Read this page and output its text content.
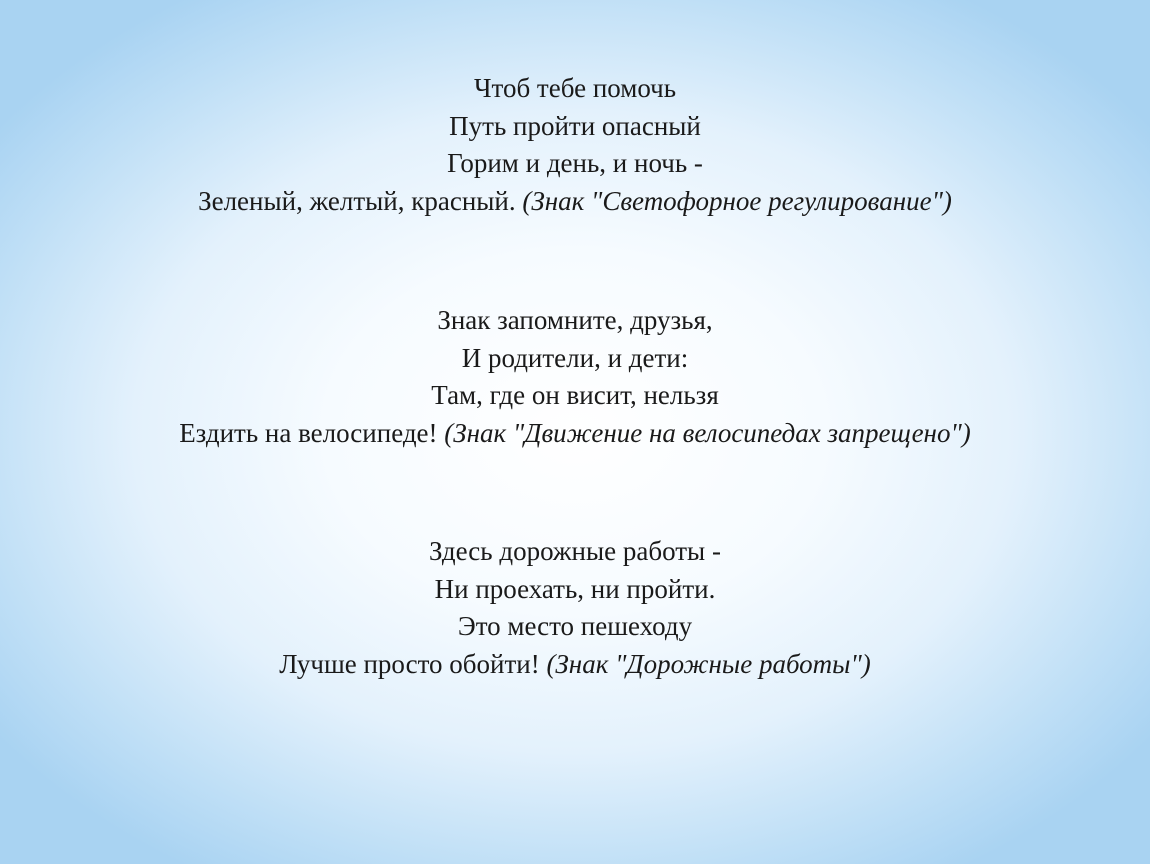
Чтоб тебе помочь
Путь пройти опасный
Горим и день, и ночь -
Зеленый, желтый, красный. (Знак "Светофорное регулирование")
Знак запомните, друзья,
И родители, и дети:
Там, где он висит, нельзя
Ездить на велосипеде! (Знак "Движение на велосипедах запрещено")
Здесь дорожные работы -
Ни проехать, ни пройти.
Это место пешеходу
Лучше просто обойти! (Знак "Дорожные работы")
